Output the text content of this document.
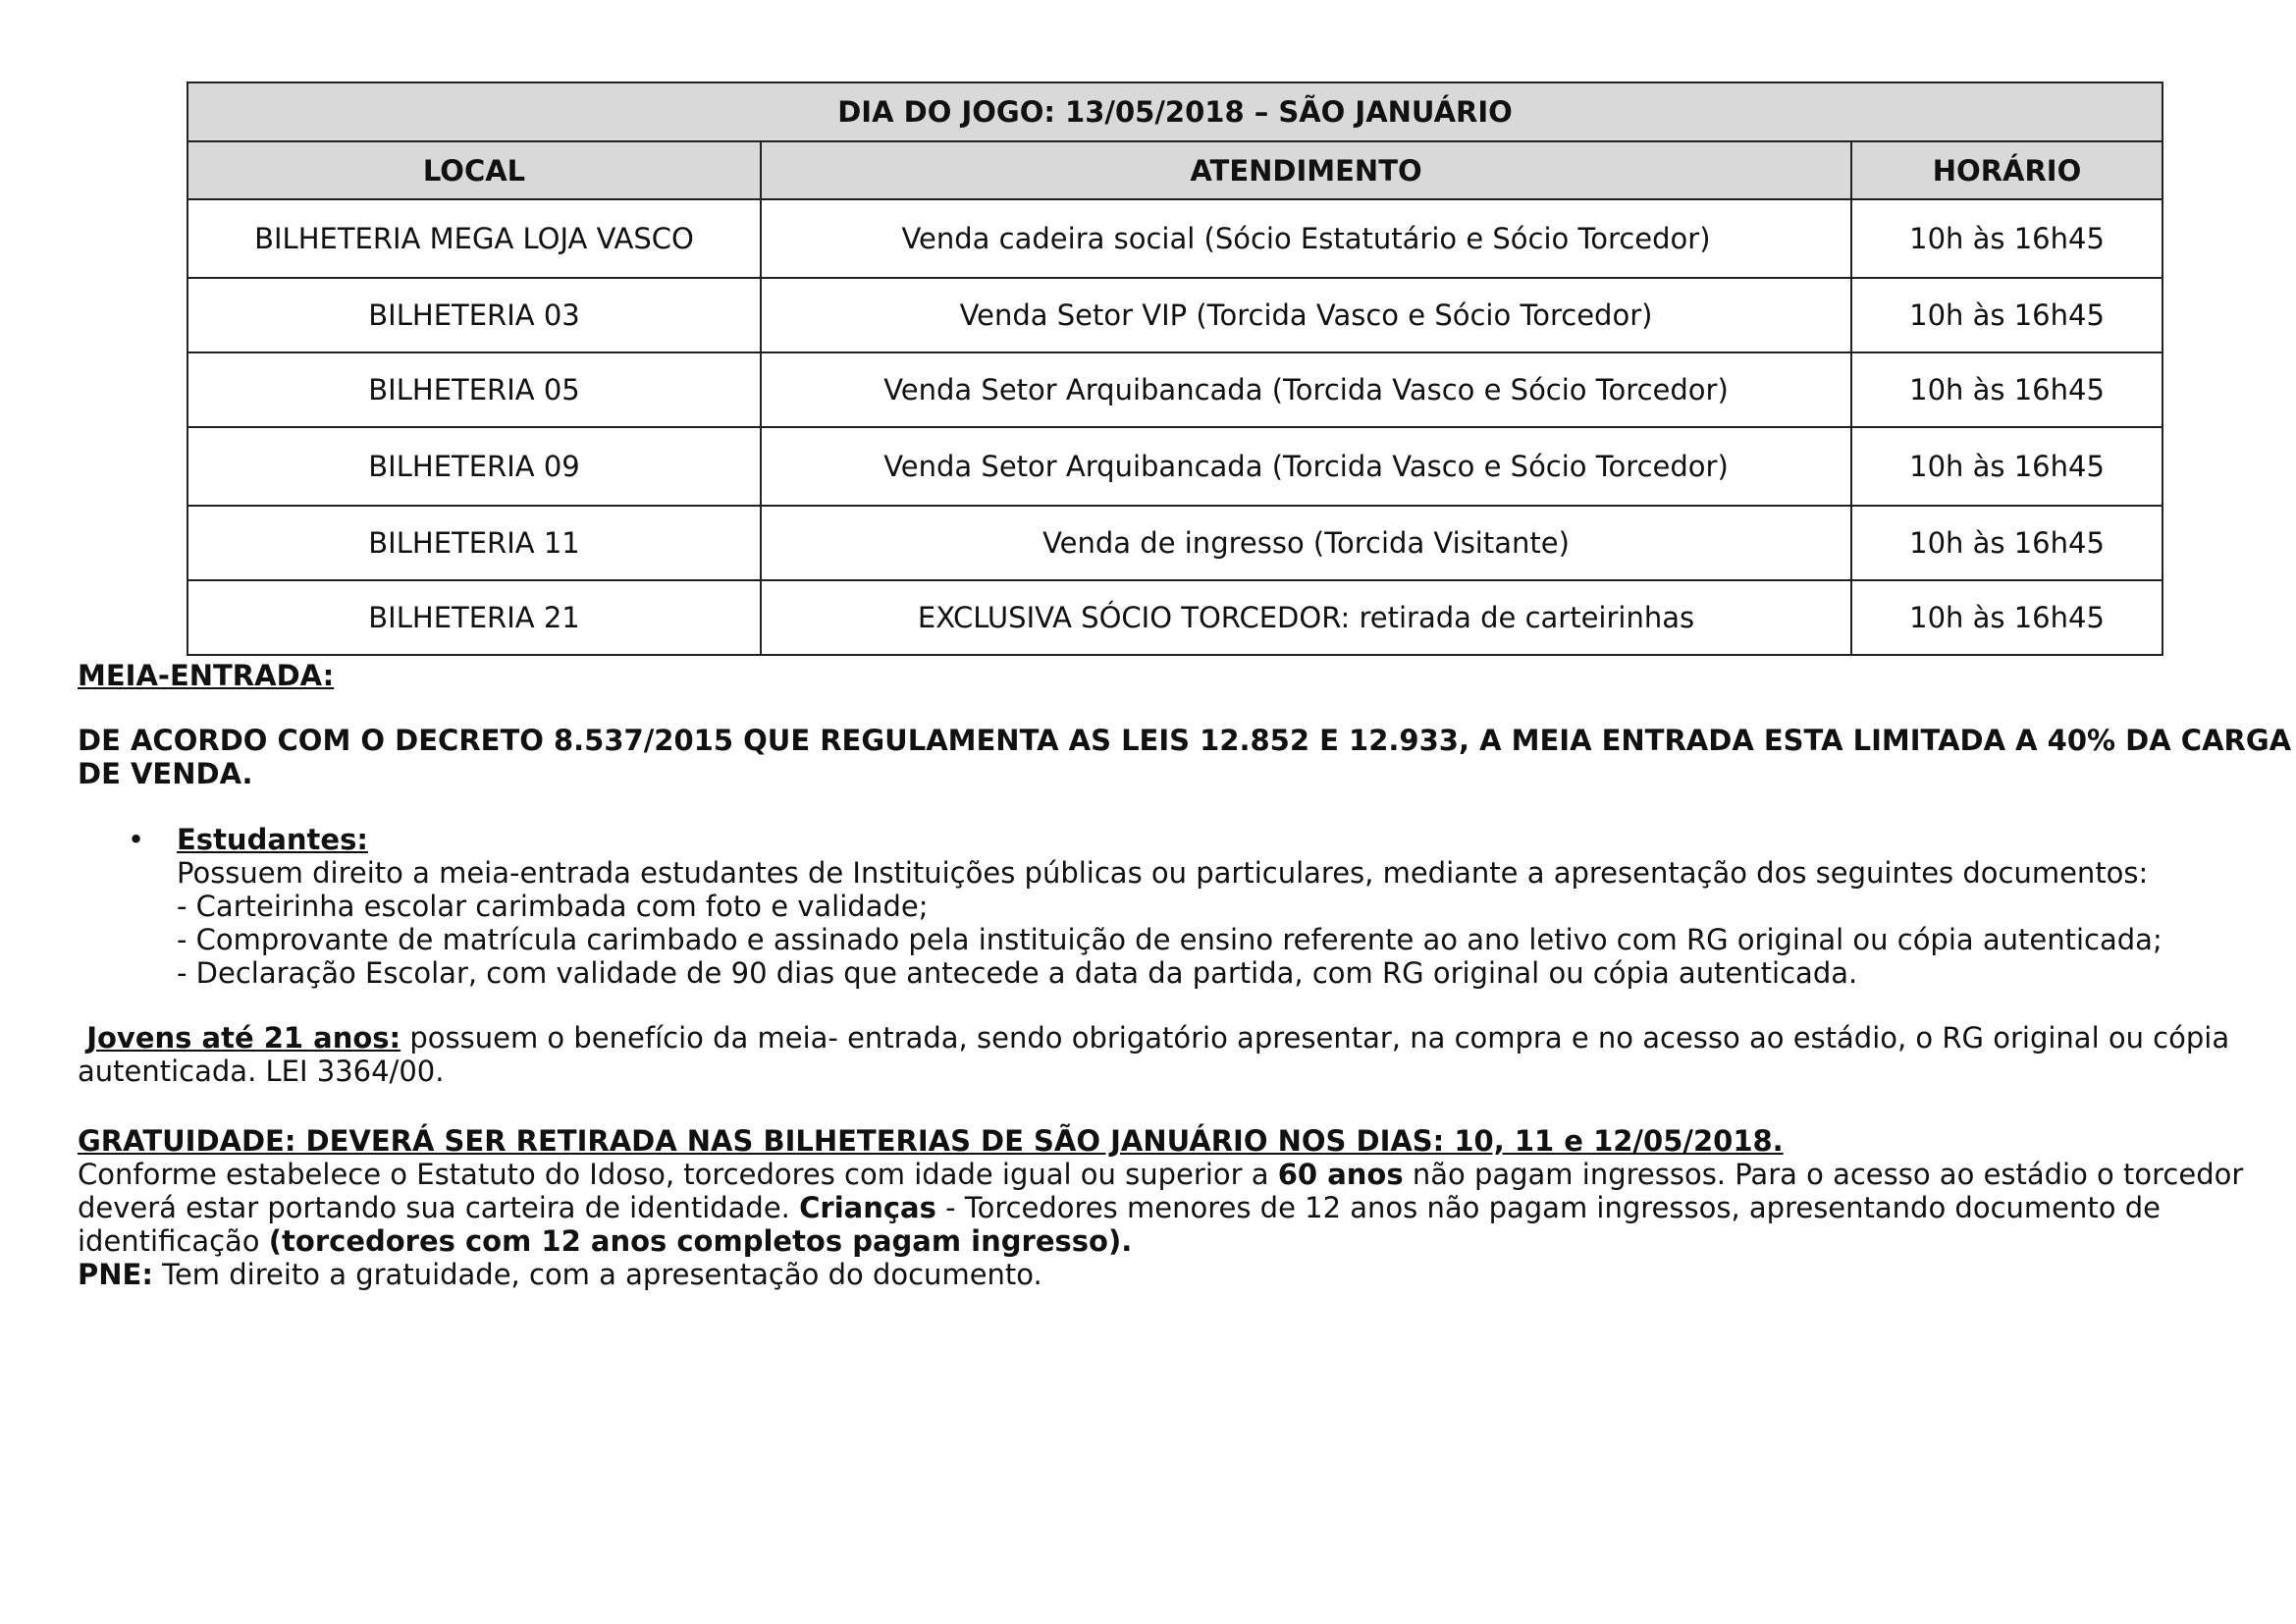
DIA DO JOGO: 13/05/2018 – SÃO JANUÁRIO		
LOCAL	ATENDIMENTO	HORÁRIO
BILHETERIA MEGA LOJA VASCO	Venda cadeira social (Sócio Estatutário e Sócio Torcedor)	10h às 16h45
BILHETERIA 03	Venda Setor VIP (Torcida Vasco e Sócio Torcedor)	10h às 16h45
BILHETERIA 05	Venda Setor Arquibancada (Torcida Vasco e Sócio Torcedor)	10h às 16h45
BILHETERIA 09	Venda Setor Arquibancada (Torcida Vasco e Sócio Torcedor)	10h às 16h45
BILHETERIA 11	Venda de ingresso (Torcida Visitante)	10h às 16h45
BILHETERIA 21	EXCLUSIVA SÓCIO TORCEDOR: retirada de carteirinhas	10h às 16h45
MEIA-ENTRADA:
DE ACORDO COM O DECRETO 8.537/2015 QUE REGULAMENTA AS LEIS 12.852 E 12.933, A MEIA ENTRADA ESTA LIMITADA A 40% DA CARGA
DE VENDA.
• Estudantes:
Possuem direito a meia-entrada estudantes de Instituições públicas ou particulares, mediante a apresentação dos seguintes documentos:
- Carteirinha escolar carimbada com foto e validade;
- Comprovante de matrícula carimbado e assinado pela instituição de ensino referente ao ano letivo com RG original ou cópia autenticada;
- Declaração Escolar, com validade de 90 dias que antecede a data da partida, com RG original ou cópia autenticada.
Jovens até 21 anos: possuem o benefício da meia- entrada, sendo obrigatório apresentar, na compra e no acesso ao estádio, o RG original ou cópia
autenticada. LEI 3364/00.
GRATUIDADE: DEVERÁ SER RETIRADA NAS BILHETERIAS DE SÃO JANUÁRIO NOS DIAS: 10, 11 e 12/05/2018.
Conforme estabelece o Estatuto do Idoso, torcedores com idade igual ou superior a 60 anos não pagam ingressos. Para o acesso ao estádio o torcedor
deverá estar portando sua carteira de identidade. Crianças - Torcedores menores de 12 anos não pagam ingressos, apresentando documento de
identificação (torcedores com 12 anos completos pagam ingresso).
PNE: Tem direito a gratuidade, com a apresentação do documento.
